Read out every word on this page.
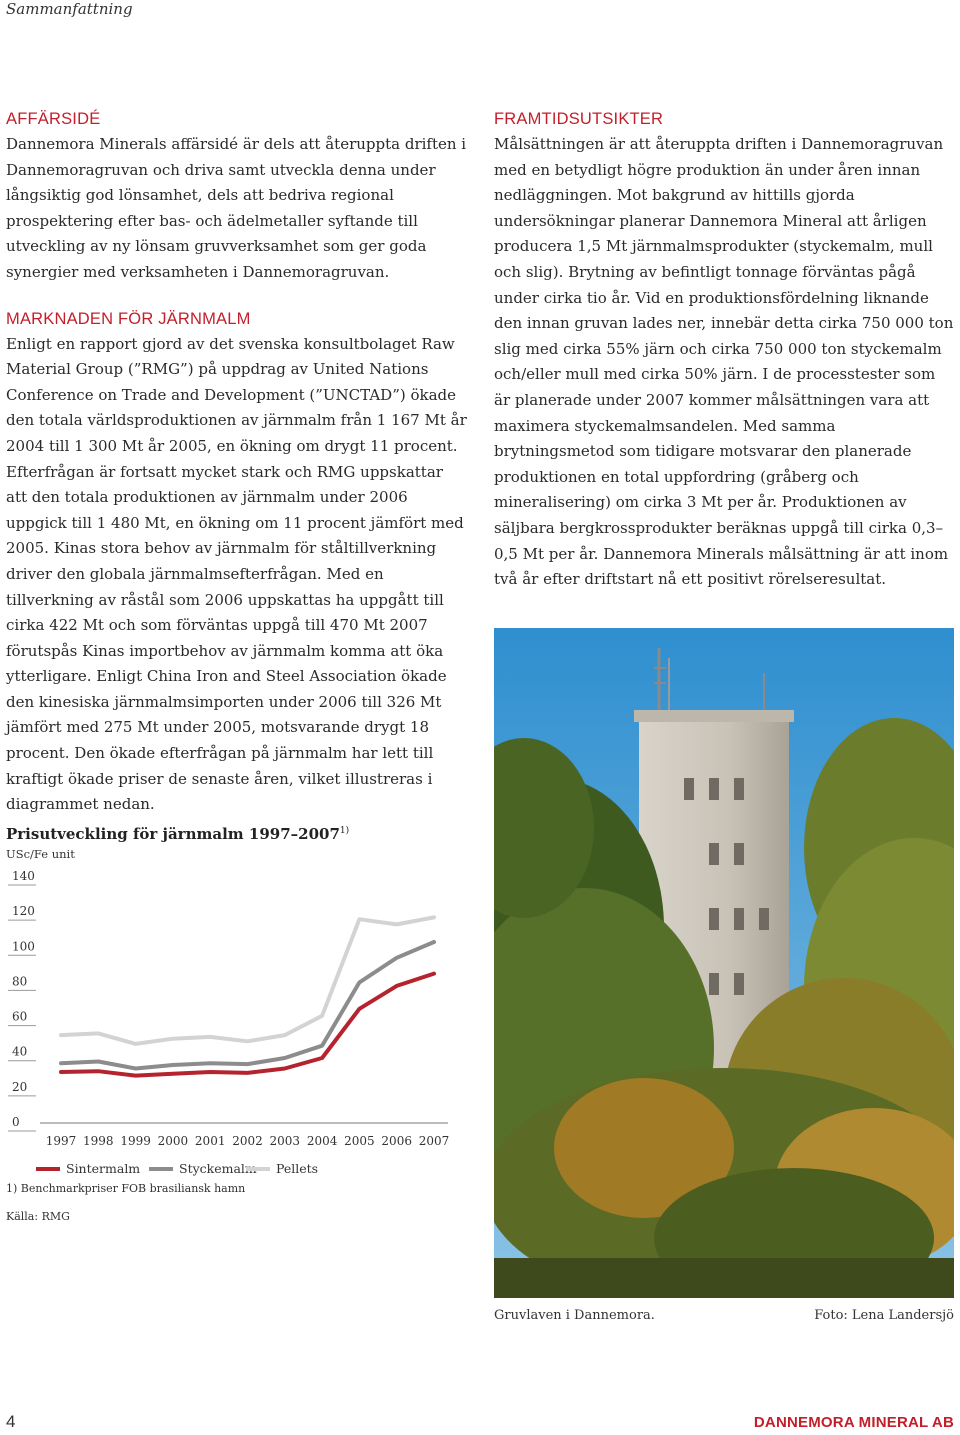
Sammanfattning
AFFÄRSIDÉ

Dannemora Minerals affärsidé är dels att återuppta driften i Dannemoragruvan och driva samt utveckla denna under långsiktig god lönsamhet, dels att bedriva regional prospektering efter bas- och ädelmetaller syftande till utveckling av ny lönsam gruvverksamhet som ger goda synergier med verksamheten i Dannemoragruvan.

MARKNADEN FÖR JÄRNMALM

Enligt en rapport gjord av det svenska konsultbolaget Raw Material Group (”RMG”) på uppdrag av United Nations Conference on Trade and Development (”UNCTAD”) ökade den totala världsproduktionen av järnmalm från 1 167 Mt år 2004 till 1 300 Mt år 2005, en ökning om drygt 11 procent. Efterfrågan är fortsatt mycket stark och RMG uppskattar att den totala produktionen av järnmalm under 2006 uppgick till 1 480 Mt, en ökning om 11 procent jämfört med 2005. Kinas stora behov av järnmalm för ståltillverkning driver den globala järnmalmsefterfrågan. Med en tillverkning av råstål som 2006 uppskattas ha uppgått till cirka 422 Mt och som förväntas uppgå till 470 Mt 2007 förutspås Kinas importbehov av järnmalm komma att öka ytterligare. Enligt China Iron and Steel Association ökade den kinesiska järnmalmsimporten under 2006 till 326 Mt jämfört med 275 Mt under 2005, motsvarande drygt 18 procent. Den ökade efterfrågan på järnmalm har lett till kraftigt ökade priser de senaste åren, vilket illustreras i diagrammet nedan.

FRAMTIDSUTSIKTER

Målsättningen är att återuppta driften i Dannemoragruvan med en betydligt högre produktion än under åren innan nedläggningen. Mot bakgrund av hittills gjorda undersökningar planerar Dannemora Mineral att årligen producera 1,5 Mt järnmalmsprodukter (styckemalm, mull och slig). Brytning av befintligt tonnage förväntas pågå under cirka tio år. Vid en produktionsfördelning liknande den innan gruvan lades ner, innebär detta cirka 750 000 ton slig med cirka 55% järn och cirka 750 000 ton styckemalm och/eller mull med cirka 50% järn. I de processtester som är planerade under 2007 kommer målsättningen vara att maximera styckemalmsandelen. Med samma brytningsmetod som tidigare motsvarar den planerade produktionen en total uppfordring (gråberg och mineralisering) om cirka 3 Mt per år. Produktionen av säljbara bergkrossprodukter beräknas uppgå till cirka 0,3–0,5 Mt per år. Dannemora Minerals målsättning är att inom två år efter driftstart nå ett positivt rörelseresultat.

Prisutveckling för järnmalm 1997–2007$^{1)}$
USc/Fe unit
0
20
40
60
80
100
120
140
1997 1998 1999 2000 2001 2002 2003 2004 2005 2006 2007
Sintermalm	Styckemalm Pellets
1) Benchmarkpriser FOB brasiliansk hamn
Källa: RMG
Gruvlaven i Dannemora.	Foto: Lena Landersjö
4	DANNEMORA MINERAL AB
